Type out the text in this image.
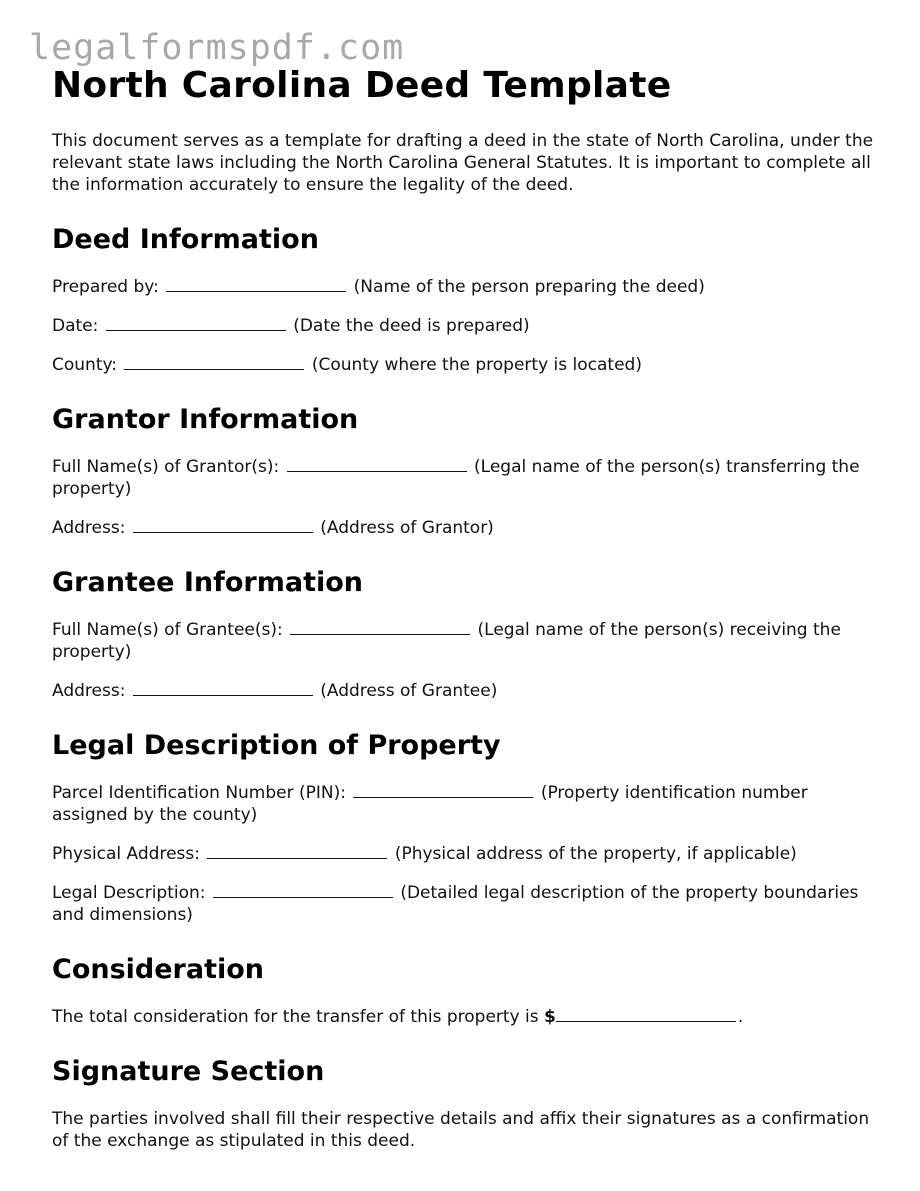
legalformspdf.com
North Carolina Deed Template

This document serves as a template for drafting a deed in the state of North Carolina, under the relevant state laws including the North Carolina General Statutes. It is important to complete all the information accurately to ensure the legality of the deed.

Deed Information

Prepared by:	(Name of the person preparing the deed)

Date:	(Date the deed is prepared)

County:	(County where the property is located)

Grantor Information

Full Name(s) of Grantor(s):	(Legal name of the person(s) transferring the property)

Address:	(Address of Grantor)

Grantee Information

Full Name(s) of Grantee(s):	(Legal name of the person(s) receiving the property)

Address:	(Address of Grantee)

Legal Description of Property

Parcel Identification Number (PIN):	(Property identification number assigned by the county)

Physical Address:	(Physical address of the property, if applicable)

Legal Description:	(Detailed legal description of the property boundaries and dimensions)

Consideration

The total consideration for the transfer of this property is $	.

Signature Section

The parties involved shall fill their respective details and affix their signatures as a confirmation of the exchange as stipulated in this deed.
